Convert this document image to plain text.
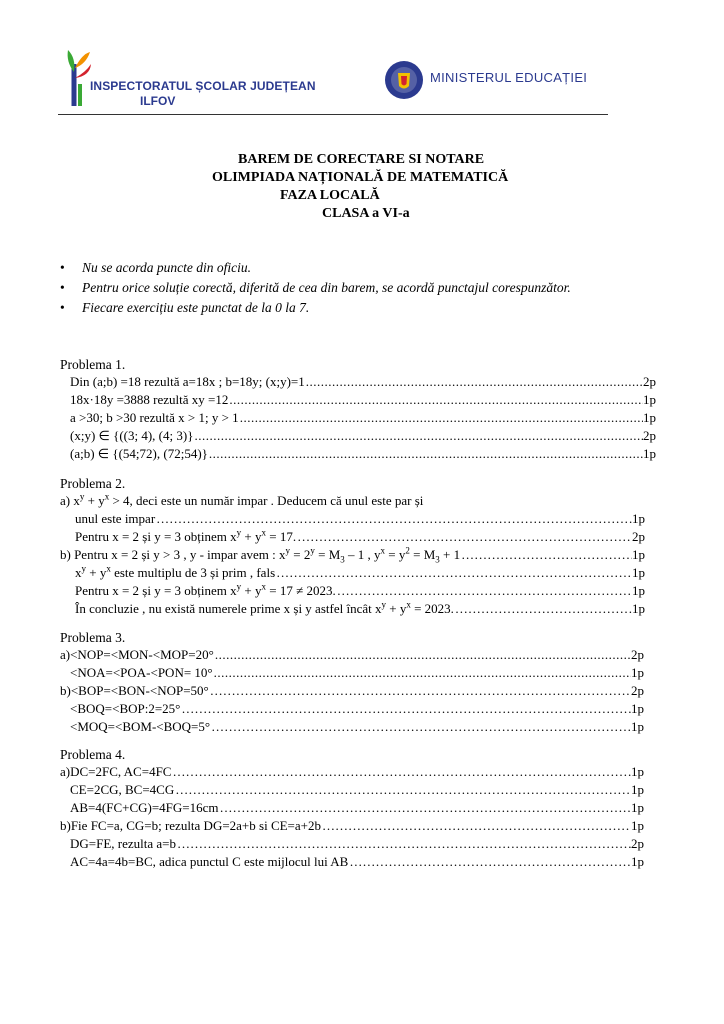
INSPECTORATUL ȘCOLAR JUDEȚEAN
ILFOV
MINISTERUL EDUCAȚIEI
BAREM DE CORECTARE SI NOTARE
OLIMPIADA NAȚIONALĂ DE MATEMATICĂ
FAZA LOCALĂ
CLASA a VI-a
• Nu se acorda puncte din oficiu.
• Pentru orice soluție corectă, diferită de cea din barem, se acordă punctajul corespunzător.
• Fiecare exercițiu este punctat de la 0 la 7.
Problema 1.
Din (a;b) =18 rezultă a=18x ; b=18y; (x;y)=1 .....	2p
18x·18y =3888 rezultă xy =12 .....	1p
a >30; b >30 rezultă x > 1; y > 1 .....	1p
(x;y) ∈ {((3; 4), (4; 3)} .....	2p
(a;b) ∈ {(54;72), (72;54)} .....	1p
Problema 2.
a) $x^y + y^x > 4$, deci este un număr impar . Deducem că unul este par și
unul este impar …………………………………………………………………………………………………………………………………………………………………………………………………………………………………………	1p
Pentru x = 2 și y = 3 obținem $x^y + y^x = 17$. …………………………………………………………………………………………………………………………………………………………………………………………………………………………………………	2p
b) Pentru x = 2 și y > 3 , y - impar avem : $x^y = 2^y = M_3 - 1$ , $y^x = y^2 = M_3 + 1$ …………………………………………………………………………………………………………………………………………………………………………………………………………………………………………	1p
$x^y + y^x$ este multiplu de 3 și prim , fals …………………………………………………………………………………………………………………………………………………………………………………………………………………………………………	1p
Pentru x = 2 și y = 3 obținem $x^y + y^x = 17 \ne 2023$. …………………………………………………………………………………………………………………………………………………………………………………………………………………………………………	1p
În concluzie , nu există numerele prime x și y astfel încât $x^y + y^x = 2023$. …………………………………………………………………………………………………………………………………………………………………………………………………………………………………………	1p
Problema 3.
a)<NOP=<MON-<MOP=20° .....	2p
<NOA=<POA-<PON= 10° .....	1p
b)<BOP=<BON-<NOP=50° …………………………………………………………………………………………………………………………………………………………………………………………………………………………………………	2p
<BOQ=<BOP:2=25° …………………………………………………………………………………………………………………………………………………………………………………………………………………………………………	1p
<MOQ=<BOM-<BOQ=5° …………………………………………………………………………………………………………………………………………………………………………………………………………………………………………	1p
Problema 4.
a)DC=2FC, AC=4FC …………………………………………………………………………………………………………………………………………………………………………………………………………………………………………	1p
CE=2CG, BC=4CG …………………………………………………………………………………………………………………………………………………………………………………………………………………………………………	1p
AB=4(FC+CG)=4FG=16cm …………………………………………………………………………………………………………………………………………………………………………………………………………………………………………	1p
b)Fie FC=a, CG=b; rezulta DG=2a+b si CE=a+2b …………………………………………………………………………………………………………………………………………………………………………………………………………………………………………	1p
DG=FE, rezulta a=b …………………………………………………………………………………………………………………………………………………………………………………………………………………………………………	2p
AC=4a=4b=BC, adica punctul C este mijlocul lui AB …………………………………………………………………………………………………………………………………………………………………………………………………………………………………………	1p
